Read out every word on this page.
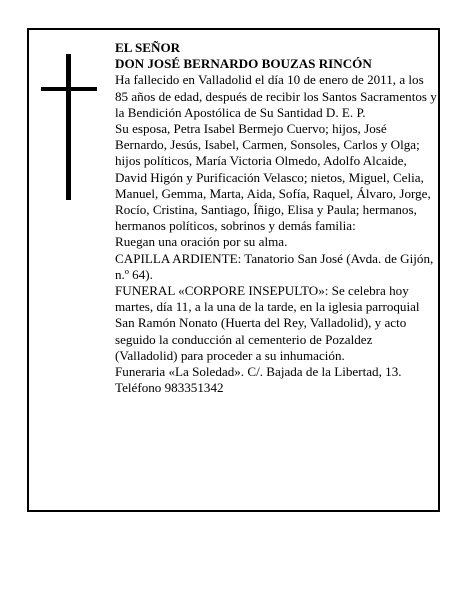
EL SEÑOR

DON JOSÉ BERNARDO BOUZAS RINCÓN

Ha fallecido en Valladolid el día 10 de enero de 2011, a los 85 años de edad, después de recibir los Santos Sacramentos y la Bendición Apostólica de Su Santidad D. E. P.

Su esposa, Petra Isabel Bermejo Cuervo; hijos, José Bernardo, Jesús, Isabel, Carmen, Sonsoles, Carlos y Olga; hijos políticos, María Victoria Olmedo, Adolfo Alcaide, David Higón y Purificación Velasco; nietos, Miguel, Celia, Manuel, Gemma, Marta, Aida, Sofía, Raquel, Álvaro, Jorge, Rocío, Cristina, Santiago, Íñigo, Elisa y Paula; hermanos, hermanos políticos, sobrinos y demás familia:

Ruegan una oración por su alma.

CAPILLA ARDIENTE: Tanatorio San José (Avda. de Gijón, n.º 64).

FUNERAL «CORPORE INSEPULTO»: Se celebra hoy martes, día 11, a la una de la tarde, en la iglesia parroquial San Ramón Nonato (Huerta del Rey, Valladolid), y acto seguido la conducción al cementerio de Pozaldez (Valladolid) para proceder a su inhumación.

Funeraria «La Soledad». C/. Bajada de la Libertad, 13. Teléfono 983351342
